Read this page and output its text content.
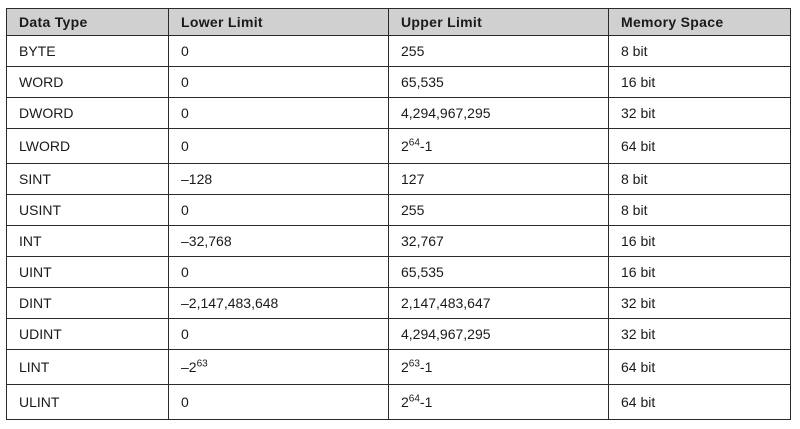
Data Type	Lower Limit	Upper Limit	Memory Space
BYTE	0	255	8 bit
WORD	0	65,535	16 bit
DWORD	0	4,294,967,295	32 bit
LWORD	0	$2^{64}-1$	64 bit
SINT	–128	127	8 bit
USINT	0	255	8 bit
INT	–32,768	32,767	16 bit
UINT	0	65,535	16 bit
DINT	–2,147,483,648	2,147,483,647	32 bit
UDINT	0	4,294,967,295	32 bit
LINT	$-2^{63}$	$2^{63}-1$	64 bit
ULINT	0	$2^{64}-1$	64 bit
